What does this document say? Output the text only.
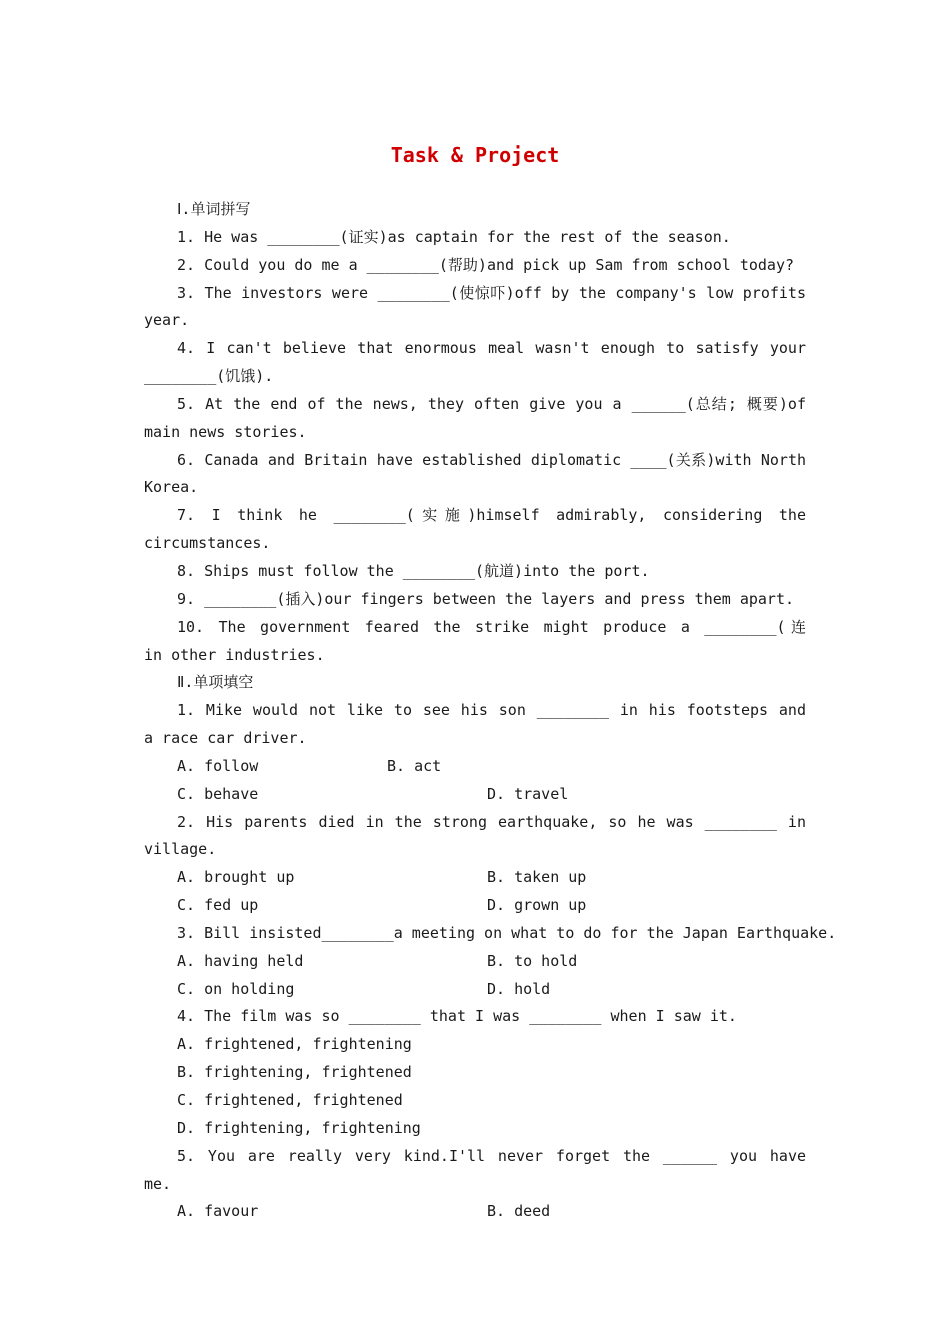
Task & Project
Ⅰ.单词拼写
1. He was ________(证实)as captain for the rest of the season.
2. Could you do me a ________(帮助)and pick up Sam from school today?
3. The investors were ________(使惊吓)off by the company's low profits
year.
4. I can't believe that enormous meal wasn't enough to satisfy your
________(饥饿).
5. At the end of the news, they often give you a ______(总结; 概要)of
main news stories.
6. Canada and Britain have established diplomatic ____(关系)with North
Korea.
7. I think he ________(实施)himself admirably, considering the
circumstances.
8. Ships must follow the ________(航道)into the port.
9. ________(插入)our fingers between the layers and press them apart.
10. The government feared the strike might produce a ________(连
in other industries.
Ⅱ.单项填空
1. Mike would not like to see his son ________ in his footsteps and
a race car driver.
A. follow	B. act
C. behave	D. travel
2. His parents died in the strong earthquake, so he was ________ in
village.
A. brought up	B. taken up
C. fed up	D. grown up
3. Bill insisted________a meeting on what to do for the Japan Earthquake.
A. having held	B. to hold
C. on holding	D. hold
4. The film was so ________ that I was ________ when I saw it.
A. frightened, frightening
B. frightening, frightened
C. frightened, frightened
D. frightening, frightening
5. You are really very kind.I'll never forget the ______ you have
me.
A. favour	B. deed
